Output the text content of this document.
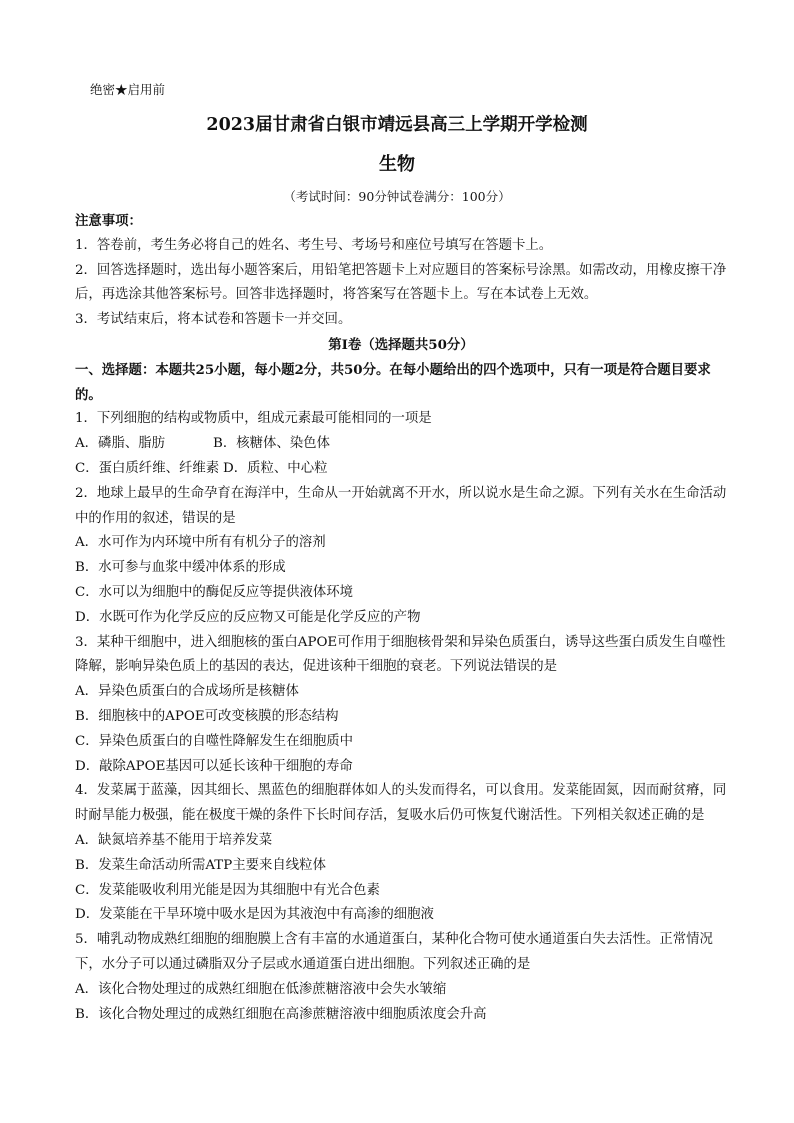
绝密★启用前
2023届甘肃省白银市靖远县高三上学期开学检测
生物
（考试时间：90分钟试卷满分：100分）

注意事项：

1．答卷前，考生务必将自己的姓名、考生号、考场号和座位号填写在答题卡上。

2．回答选择题时，选出每小题答案后，用铅笔把答题卡上对应题目的答案标号涂黑。如需改动，用橡皮擦干净后，再选涂其他答案标号。回答非选择题时，将答案写在答题卡上。写在本试卷上无效。

3．考试结束后，将本试卷和答题卡一并交回。

第Ⅰ卷（选择题共50分）

一、选择题：本题共25小题，每小题2分，共50分。在每小题给出的四个选项中，只有一项是符合题目要求的。

1．下列细胞的结构或物质中，组成元素最可能相同的一项是

A．磷脂、脂肪	B．核糖体、染色体
C．蛋白质纤维、纤维素 D．质粒、中心粒

2．地球上最早的生命孕育在海洋中，生命从一开始就离不开水，所以说水是生命之源。下列有关水在生命活动中的作用的叙述，错误的是

A．水可作为内环境中所有有机分子的溶剂

B．水可参与血浆中缓冲体系的形成

C．水可以为细胞中的酶促反应等提供液体环境

D．水既可作为化学反应的反应物又可能是化学反应的产物

3．某种干细胞中，进入细胞核的蛋白APOE可作用于细胞核骨架和异染色质蛋白，诱导这些蛋白质发生自噬性降解，影响异染色质上的基因的表达，促进该种干细胞的衰老。下列说法错误的是

A．异染色质蛋白的合成场所是核糖体

B．细胞核中的APOE可改变核膜的形态结构

C．异染色质蛋白的自噬性降解发生在细胞质中

D．敲除APOE基因可以延长该种干细胞的寿命

4．发菜属于蓝藻，因其细长、黑蓝色的细胞群体如人的头发而得名，可以食用。发菜能固氮，因而耐贫瘠，同时耐旱能力极强，能在极度干燥的条件下长时间存活，复吸水后仍可恢复代谢活性。下列相关叙述正确的是

A．缺氮培养基不能用于培养发菜

B．发菜生命活动所需ATP主要来自线粒体

C．发菜能吸收利用光能是因为其细胞中有光合色素

D．发菜能在干旱环境中吸水是因为其液泡中有高渗的细胞液

5．哺乳动物成熟红细胞的细胞膜上含有丰富的水通道蛋白，某种化合物可使水通道蛋白失去活性。正常情况下，水分子可以通过磷脂双分子层或水通道蛋白进出细胞。下列叙述正确的是

A．该化合物处理过的成熟红细胞在低渗蔗糖溶液中会失水皱缩

B．该化合物处理过的成熟红细胞在高渗蔗糖溶液中细胞质浓度会升高
